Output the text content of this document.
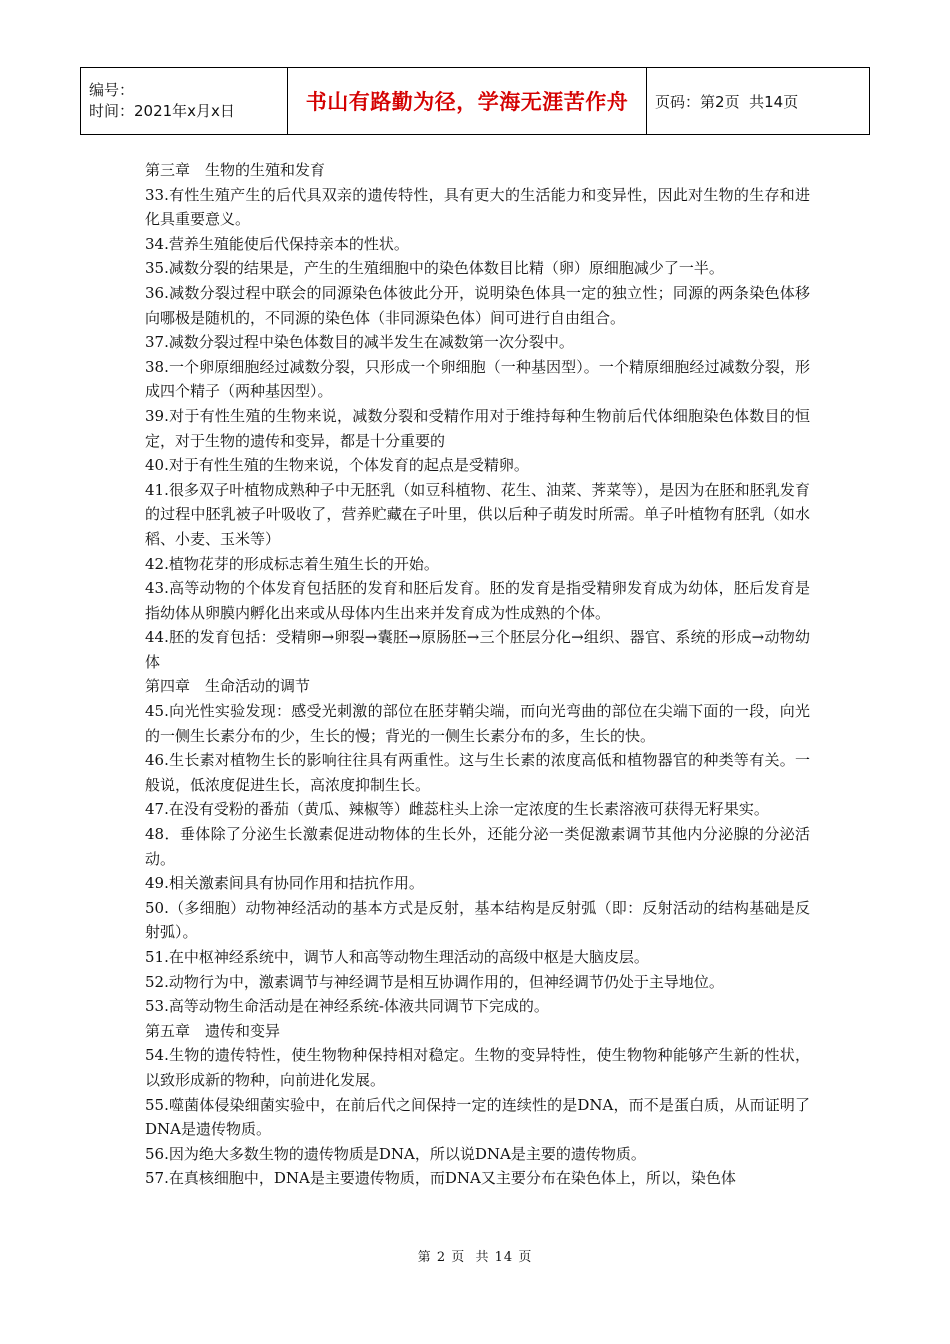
编号：
时间：2021年x月x日	书山有路勤为径，学海无涯苦作舟	页码：第2页  共14页

第三章　生物的生殖和发育

33.有性生殖产生的后代具双亲的遗传特性，具有更大的生活能力和变异性，因此对生物的生存和进化具重要意义。

34.营养生殖能使后代保持亲本的性状。

35.减数分裂的结果是，产生的生殖细胞中的染色体数目比精（卵）原细胞减少了一半。

36.减数分裂过程中联会的同源染色体彼此分开，说明染色体具一定的独立性；同源的两条染色体移向哪极是随机的，不同源的染色体（非同源染色体）间可进行自由组合。

37.减数分裂过程中染色体数目的减半发生在减数第一次分裂中。

38.一个卵原细胞经过减数分裂，只形成一个卵细胞（一种基因型）。一个精原细胞经过减数分裂，形成四个精子（两种基因型）。

39.对于有性生殖的生物来说，减数分裂和受精作用对于维持每种生物前后代体细胞染色体数目的恒定，对于生物的遗传和变异，都是十分重要的

40.对于有性生殖的生物来说，个体发育的起点是受精卵。

41.很多双子叶植物成熟种子中无胚乳（如豆科植物、花生、油菜、荠菜等），是因为在胚和胚乳发育的过程中胚乳被子叶吸收了，营养贮藏在子叶里，供以后种子萌发时所需。单子叶植物有胚乳（如水稻、小麦、玉米等）

42.植物花芽的形成标志着生殖生长的开始。

43.高等动物的个体发育包括胚的发育和胚后发育。胚的发育是指受精卵发育成为幼体，胚后发育是指幼体从卵膜内孵化出来或从母体内生出来并发育成为性成熟的个体。

44.胚的发育包括：受精卵→卵裂→囊胚→原肠胚→三个胚层分化→组织、器官、系统的形成→动物幼体

第四章　生命活动的调节

45.向光性实验发现：感受光刺激的部位在胚芽鞘尖端，而向光弯曲的部位在尖端下面的一段，向光的一侧生长素分布的少，生长的慢；背光的一侧生长素分布的多，生长的快。

46.生长素对植物生长的影响往往具有两重性。这与生长素的浓度高低和植物器官的种类等有关。一般说，低浓度促进生长，高浓度抑制生长。

47.在没有受粉的番茄（黄瓜、辣椒等）雌蕊柱头上涂一定浓度的生长素溶液可获得无籽果实。

48．垂体除了分泌生长激素促进动物体的生长外，还能分泌一类促激素调节其他内分泌腺的分泌活动。

49.相关激素间具有协同作用和拮抗作用。

50.（多细胞）动物神经活动的基本方式是反射，基本结构是反射弧（即：反射活动的结构基础是反射弧）。

51.在中枢神经系统中，调节人和高等动物生理活动的高级中枢是大脑皮层。

52.动物行为中，激素调节与神经调节是相互协调作用的，但神经调节仍处于主导地位。

53.高等动物生命活动是在神经系统-体液共同调节下完成的。

第五章　遗传和变异

54.生物的遗传特性，使生物物种保持相对稳定。生物的变异特性，使生物物种能够产生新的性状，以致形成新的物种，向前进化发展。

55.噬菌体侵染细菌实验中，在前后代之间保持一定的连续性的是DNA，而不是蛋白质，从而证明了DNA是遗传物质。

56.因为绝大多数生物的遗传物质是DNA，所以说DNA是主要的遗传物质。

57.在真核细胞中，DNA是主要遗传物质，而DNA又主要分布在染色体上，所以，染色体

第 2 页  共 14 页
